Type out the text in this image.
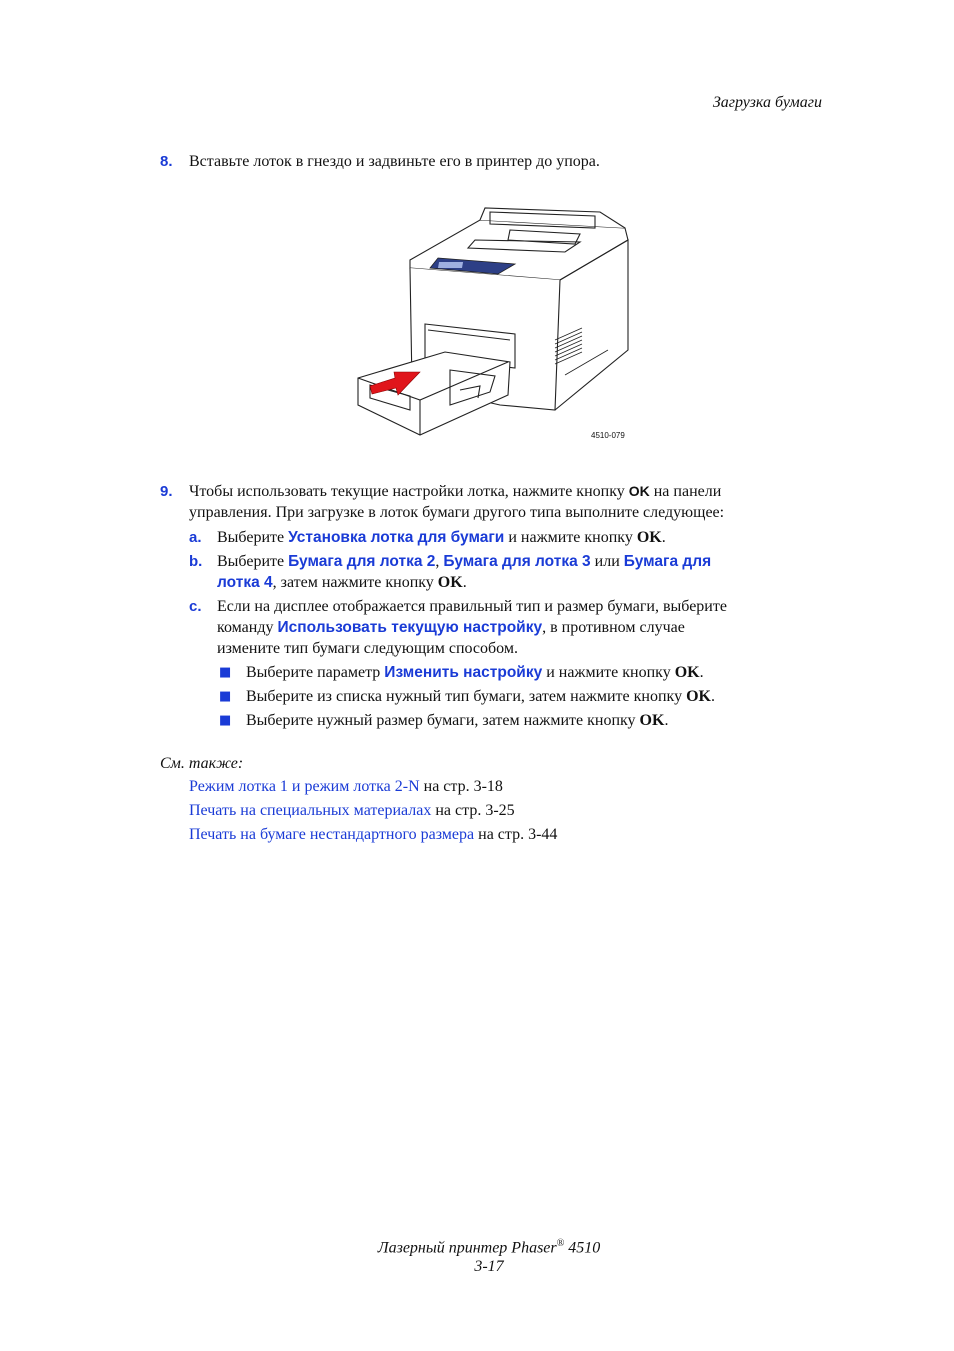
Загрузка бумаги
8. Вставьте лоток в гнездо и задвиньте его в принтер до упора.
4510-079
9. Чтобы использовать текущие настройки лотка, нажмите кнопку OK на панели
управления. При загрузке в лоток бумаги другого типа выполните следующее:
a. Выберите Установка лотка для бумаги и нажмите кнопку OK.
b. Выберите Бумага для лотка 2, Бумага для лотка 3 или Бумага для
лотка 4, затем нажмите кнопку OK.
c. Если на дисплее отображается правильный тип и размер бумаги, выберите
команду Использовать текущую настройку, в противном случае
измените тип бумаги следующим способом.
■ Выберите параметр Изменить настройку и нажмите кнопку OK.
■ Выберите из списка нужный тип бумаги, затем нажмите кнопку OK.
■ Выберите нужный размер бумаги, затем нажмите кнопку OK.
См. также:
Режим лотка 1 и режим лотка 2-N на стр. 3-18
Печать на специальных материалах на стр. 3-25
Печать на бумаге нестандартного размера на стр. 3-44
Лазерный принтер Phaser® 4510
3-17
